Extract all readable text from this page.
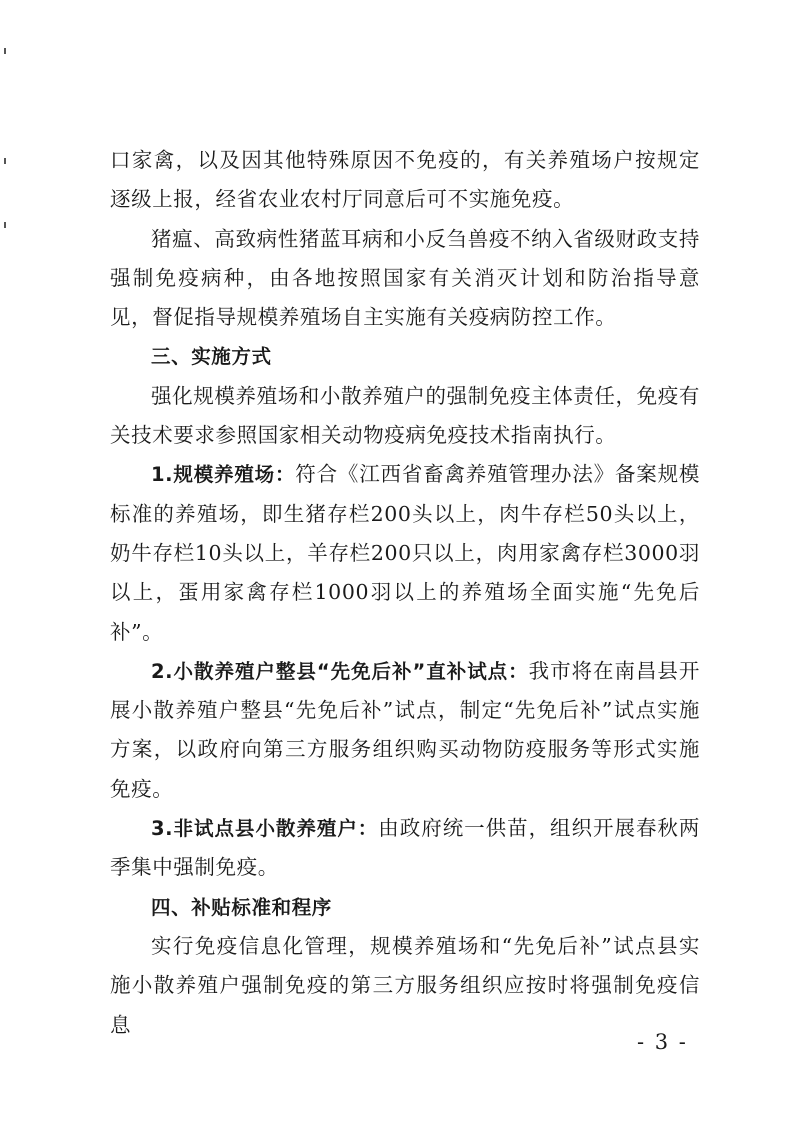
口家禽，以及因其他特殊原因不免疫的，有关养殖场户按规定逐级上报，经省农业农村厅同意后可不实施免疫。

猪瘟、高致病性猪蓝耳病和小反刍兽疫不纳入省级财政支持强制免疫病种，由各地按照国家有关消灭计划和防治指导意见，督促指导规模养殖场自主实施有关疫病防控工作。

三、实施方式

强化规模养殖场和小散养殖户的强制免疫主体责任，免疫有关技术要求参照国家相关动物疫病免疫技术指南执行。

1.规模养殖场：符合《江西省畜禽养殖管理办法》备案规模标准的养殖场，即生猪存栏200头以上，肉牛存栏50头以上，奶牛存栏10头以上，羊存栏200只以上，肉用家禽存栏3000羽以上，蛋用家禽存栏1000羽以上的养殖场全面实施“先免后补”。

2.小散养殖户整县“先免后补”直补试点：我市将在南昌县开展小散养殖户整县“先免后补”试点，制定“先免后补”试点实施方案，以政府向第三方服务组织购买动物防疫服务等形式实施免疫。

3.非试点县小散养殖户：由政府统一供苗，组织开展春秋两季集中强制免疫。

四、补贴标准和程序

实行免疫信息化管理，规模养殖场和“先免后补”试点县实施小散养殖户强制免疫的第三方服务组织应按时将强制免疫信息

- 3 -
